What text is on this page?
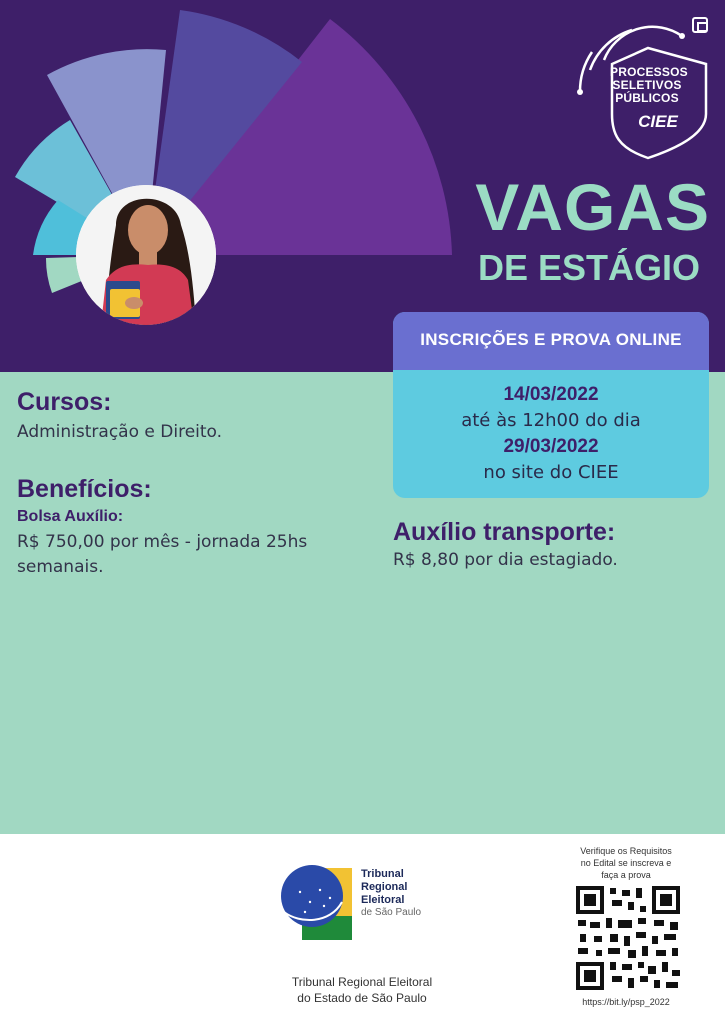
PROCESSOS
SELETIVOS
PÚBLICOS
CIEE
VAGAS
DE ESTÁGIO
INSCRIÇÕES E PROVA ONLINE
14/03/2022
até às 12h00 do dia
29/03/2022
no site do CIEE
Cursos:
Administração e Direito.
Benefícios:
Bolsa Auxílio:
R$ 750,00 por mês - jornada 25hs
semanais.
Auxílio transporte:
R$ 8,80 por dia estagiado.
Tribunal
Regional
Eleitoral
de São Paulo
Tribunal Regional Eleitoral
do Estado de São Paulo
Verifique os Requisitos
no Edital se inscreva e
faça a prova
https://bit.ly/psp_2022
